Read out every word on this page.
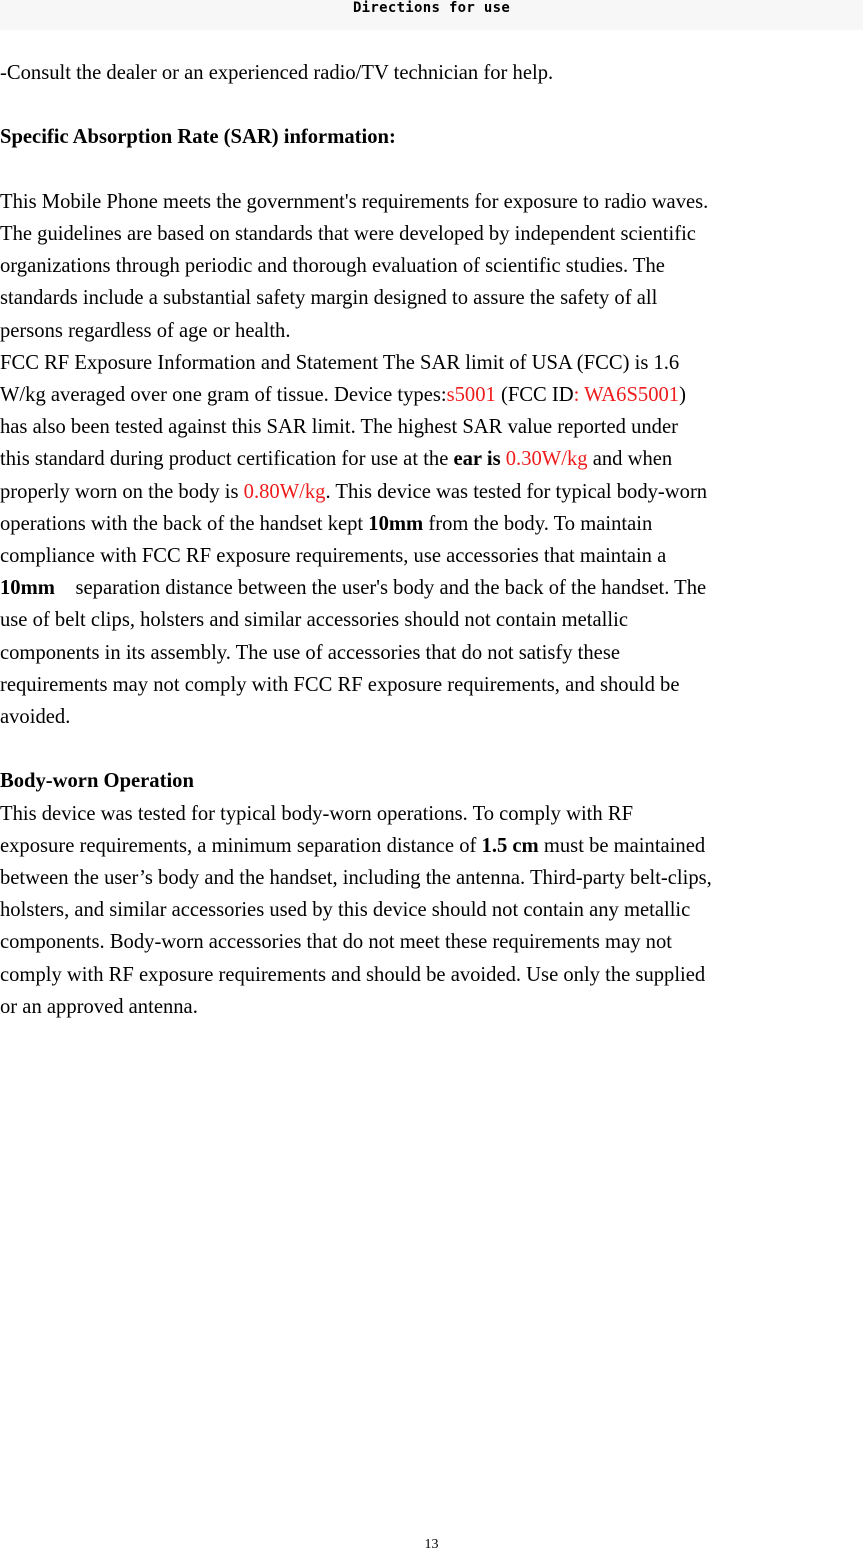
Directions for use

-Consult the dealer or an experienced radio/TV technician for help.

Specific Absorption Rate (SAR) information:

This Mobile Phone meets the government's requirements for exposure to radio waves.

The guidelines are based on standards that were developed by independent scientific

organizations through periodic and thorough evaluation of scientific studies. The

standards include a substantial safety margin designed to assure the safety of all

persons regardless of age or health.

FCC RF Exposure Information and Statement The SAR limit of USA (FCC) is 1.6

W/kg averaged over one gram of tissue. Device types:s5001 (FCC ID: WA6S5001)

has also been tested against this SAR limit. The highest SAR value reported under

this standard during product certification for use at the ear is 0.30W/kg and when

properly worn on the body is 0.80W/kg. This device was tested for typical body-worn

operations with the back of the handset kept 10mm from the body. To maintain

compliance with FCC RF exposure requirements, use accessories that maintain a

10mm    separation distance between the user's body and the back of the handset. The

use of belt clips, holsters and similar accessories should not contain metallic

components in its assembly. The use of accessories that do not satisfy these

requirements may not comply with FCC RF exposure requirements, and should be

avoided.

Body-worn Operation

This device was tested for typical body-worn operations. To comply with RF

exposure requirements, a minimum separation distance of 1.5 cm must be maintained

between the user’s body and the handset, including the antenna. Third-party belt-clips,

holsters, and similar accessories used by this device should not contain any metallic

components. Body-worn accessories that do not meet these requirements may not

comply with RF exposure requirements and should be avoided. Use only the supplied

or an approved antenna.

13
